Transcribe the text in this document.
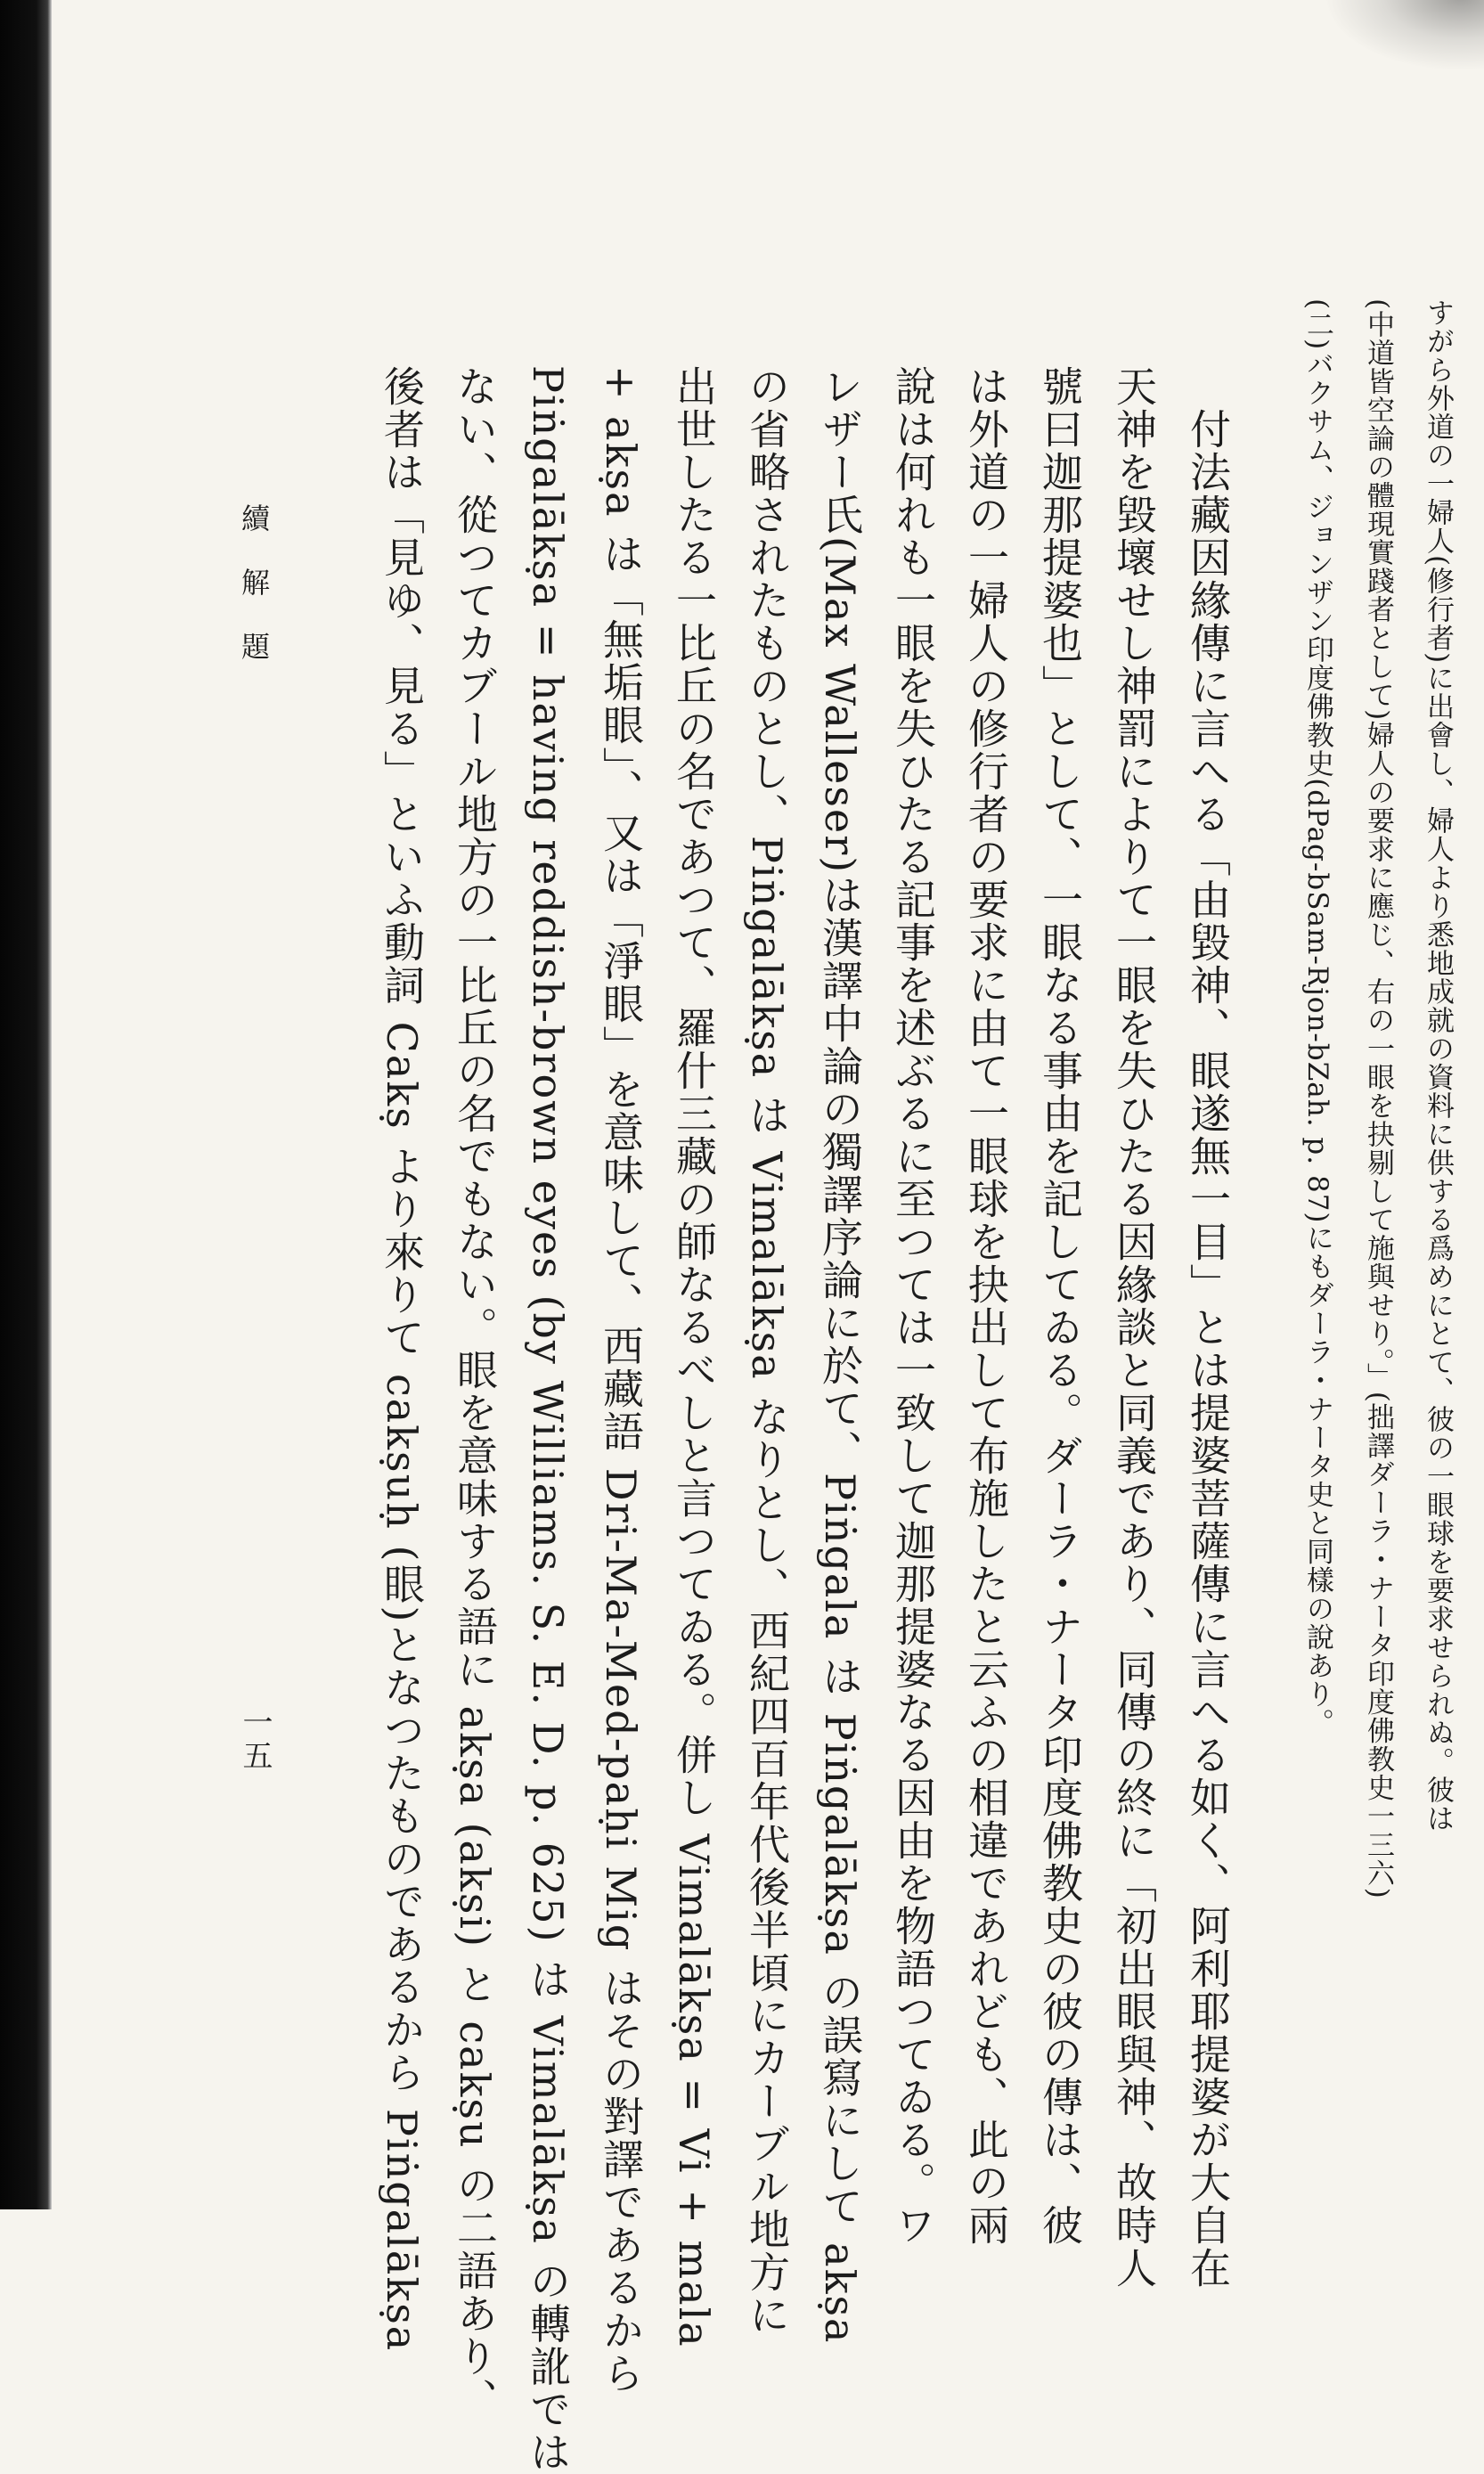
すがら外道の一婦人(修行者)に出會し、婦人より悉地成就の資料に供する爲めにとて、彼の一眼球を要求せられぬ。彼は
(中道皆空論の體現實踐者として)婦人の要求に應じ、右の一眼を抉剔して施與せり。」(拙譯ダーラ・ナータ印度佛教史一三六)
(二)バクサム、ジョンザン印度佛教史(dPag-bSam-Rjon-bZah. p. 87)にもダーラ・ナータ史と同樣の說あり。
　付法藏因緣傳に言へる「由毀神、眼遂無一目」とは提婆菩薩傳に言へる如く、阿利耶提婆が大自在
天神を毀壞せし神罰によりて一眼を失ひたる因緣談と同義であり、同傳の終に「初出眼與神、故時人
號曰迦那提婆也」として、一眼なる事由を記してゐる。ダーラ・ナータ印度佛教史の彼の傳は、彼
は外道の一婦人の修行者の要求に由て一眼球を抉出して布施したと云ふの相違であれども、此の兩
說は何れも一眼を失ひたる記事を述ぶるに至つては一致して迦那提婆なる因由を物語つてゐる。ワ
レザー氏(Max Walleser)は漢譯中論の獨譯序論に於て、Piṅgala は Piṅgalākṣa の誤寫にして akṣa
の省略されたものとし、Piṅgalākṣa は Vimalākṣa なりとし、西紀四百年代後半頃にカーブル地方に
出世したる一比丘の名であつて、羅什三藏の師なるべしと言つてゐる。併し Vimalākṣa = Vi + mala
+ akṣa は「無垢眼」、又は「淨眼」を意味して、西藏語 Dri-Ma-Med-paḥi Mig はその對譯であるから
Piṅgalākṣa = having reddish-brown eyes (by Williams. S. E. D. p. 625) は Vimalākṣa の轉訛では
ない、從つてカブール地方の一比丘の名でもない。眼を意味する語に akṣa (akṣi) と cakṣu の二語あり、
後者は「見ゆ、見る」といふ動詞 Cakṣ より來りて cakṣuḥ (眼)となつたものであるから Piṅgalākṣa
續解題
一五
